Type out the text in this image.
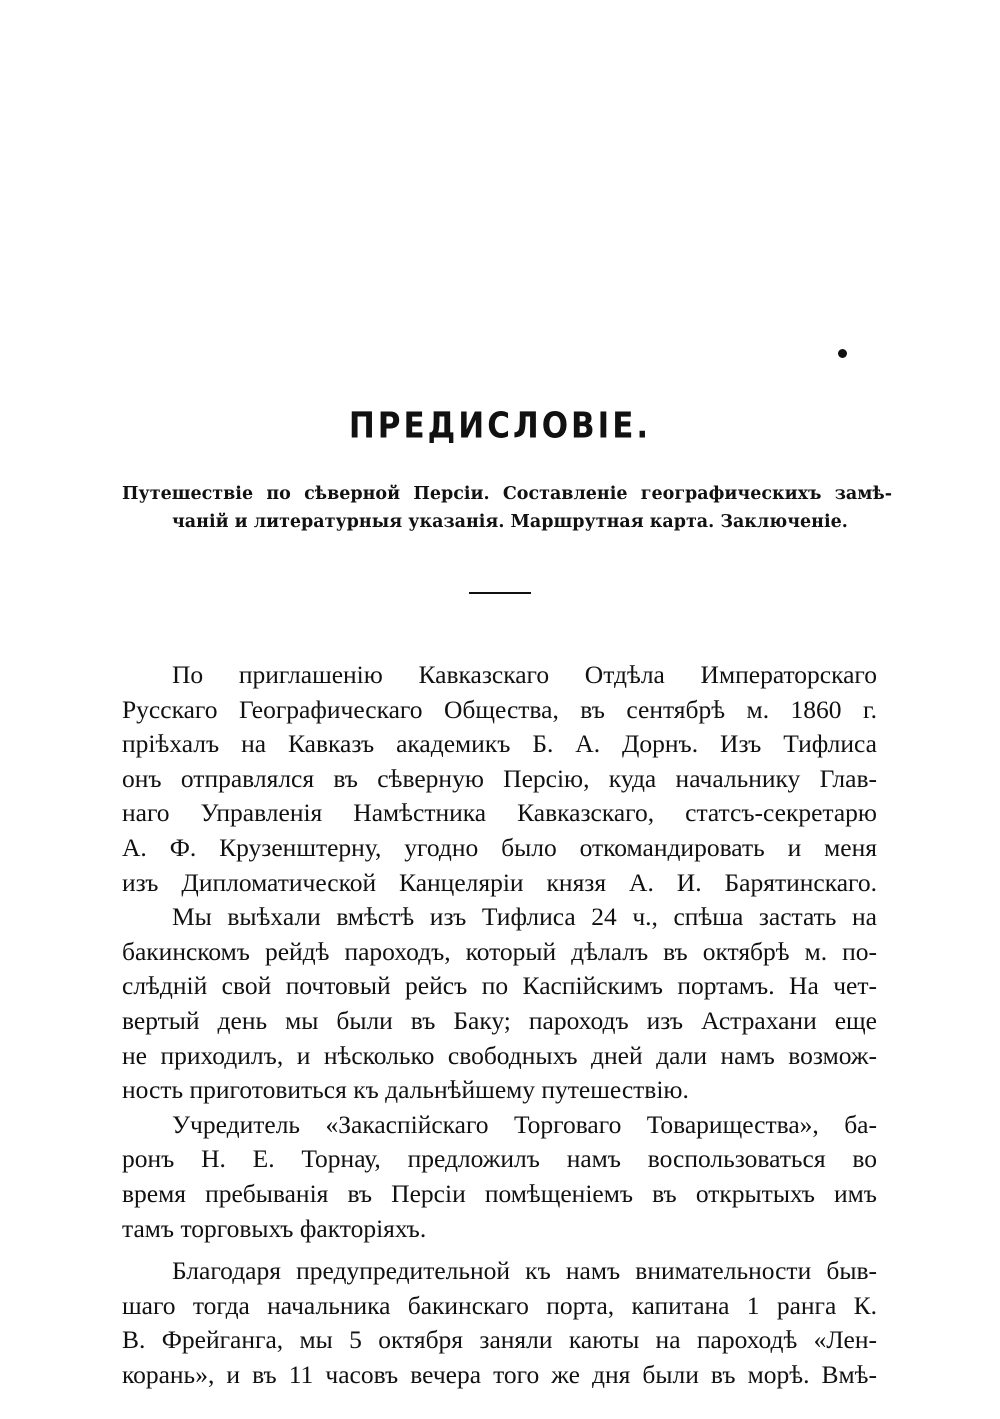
ПРЕДИСЛОВІЕ.
Путешествіе по сѣверной Персіи. Составленіе географическихъ замѣ-
чаній и литературныя указанія. Маршрутная карта. Заключеніе.
По приглашенію Кавказскаго Отдѣла Императорскаго
Русскаго Географическаго Общества, въ сентябрѣ м. 1860 г.
пріѣхалъ на Кавказъ академикъ Б. А. Дорнъ. Изъ Тифлиса
онъ отправлялся въ сѣверную Персію, куда начальнику Глав-
наго Управленія Намѣстника Кавказскаго, статсъ-секретарю
А. Ф. Крузенштерну, угодно было откомандировать и меня
изъ Дипломатической Канцеляріи князя А. И. Барятинскаго.
Мы выѣхали вмѣстѣ изъ Тифлиса 24 ч., спѣша застать на
бакинскомъ рейдѣ пароходъ, который дѣлалъ въ октябрѣ м. по-
слѣдній свой почтовый рейсъ по Каспійскимъ портамъ. На чет-
вертый день мы были въ Баку; пароходъ изъ Астрахани еще
не приходилъ, и нѣсколько свободныхъ дней дали намъ возмож-
ность приготовиться къ дальнѣйшему путешествію.
Учредитель «Закаспійскаго Торговаго Товарищества», ба-
ронъ Н. Е. Торнау, предложилъ намъ воспользоваться во
время пребыванія въ Персіи помѣщеніемъ въ открытыхъ имъ
тамъ торговыхъ факторіяхъ.
Благодаря предупредительной къ намъ внимательности быв-
шаго тогда начальника бакинскаго порта, капитана 1 ранга К.
В. Фрейганга, мы 5 октября заняли каюты на пароходѣ «Лен-
корань», и въ 11 часовъ вечера того же дня были въ морѣ. Вмѣ-
